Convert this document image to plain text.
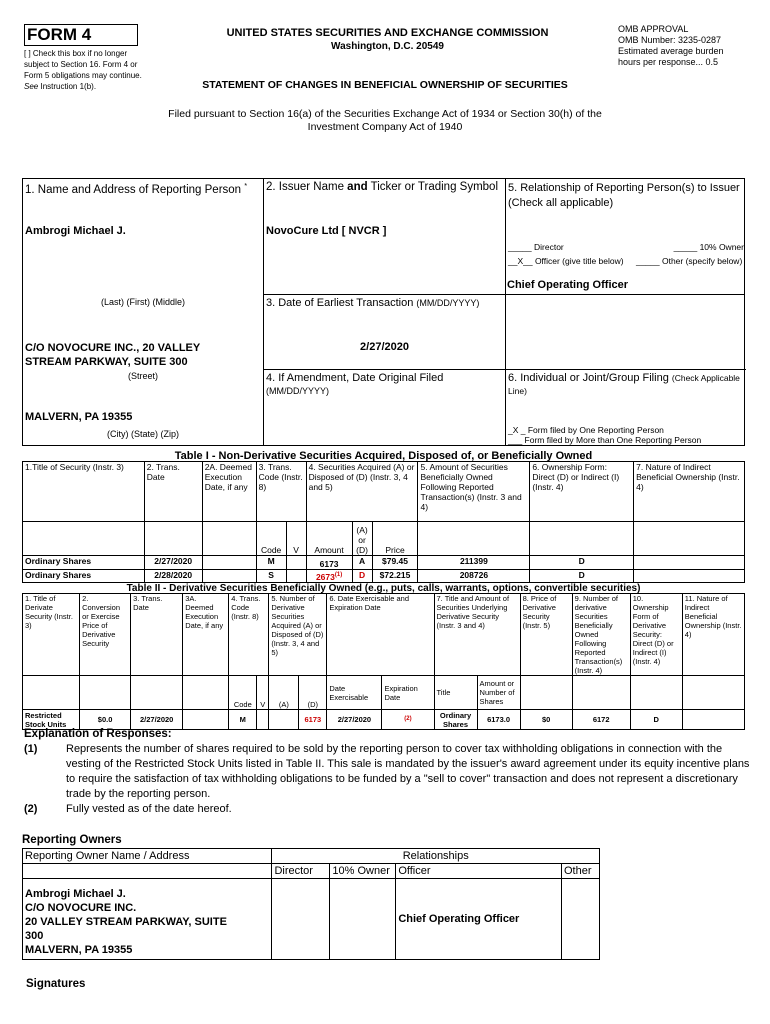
FORM 4
[ ] Check this box if no longer subject to Section 16. Form 4 or Form 5 obligations may continue. See Instruction 1(b).
UNITED STATES SECURITIES AND EXCHANGE COMMISSION
Washington, D.C. 20549
STATEMENT OF CHANGES IN BENEFICIAL OWNERSHIP OF SECURITIES
OMB APPROVAL
OMB Number: 3235-0287
Estimated average burden
hours per response... 0.5
Filed pursuant to Section 16(a) of the Securities Exchange Act of 1934 or Section 30(h) of the
Investment Company Act of 1940
1. Name and Address of Reporting Person *
Ambrogi Michael J.
(Last) (First) (Middle)
C/O NOVOCURE INC., 20 VALLEY
STREAM PARKWAY, SUITE 300
(Street)
MALVERN, PA 19355
(City) (State) (Zip)
2. Issuer Name and Ticker or Trading Symbol
NovoCure Ltd [ NVCR ]
3. Date of Earliest Transaction (MM/DD/YYYY)
2/27/2020
4. If Amendment, Date Original Filed
(MM/DD/YYYY)
5. Relationship of Reporting Person(s) to Issuer
(Check all applicable)
_____ Director	_____ 10% Owner
__X__ Officer (give title below) _____ Other (specify below)
Chief Operating Officer
6. Individual or Joint/Group Filing (Check Applicable Line)
_X _ Form filed by One Reporting Person
___ Form filed by More than One Reporting Person
Table I - Non-Derivative Securities Acquired, Disposed of, or Beneficially Owned
1.Title of Security (Instr. 3)	2. Trans. Date	2A. Deemed Execution Date, if any	3. Trans. Code (Instr. 8)		4. Securities Acquired (A) or Disposed of (D) (Instr. 3, 4 and 5)			5. Amount of Securities Beneficially Owned Following Reported Transaction(s) (Instr. 3 and 4)	6. Ownership Form: Direct (D) or Indirect (I) (Instr. 4)	7. Nature of Indirect Beneficial Ownership (Instr. 4)
			Code	V	Amount	(A) or (D)	Price			
Ordinary Shares	2/27/2020		M		6173	A	$79.45	211399	D	
Ordinary Shares	2/28/2020		S		2673$^{(1)}$	D	$72.215	208726	D	
Table II - Derivative Securities Beneficially Owned (e.g., puts, calls, warrants, options, convertible securities)
1. Title of Derivate Security (Instr. 3)	2. Conversion or Exercise Price of Derivative Security	3. Trans. Date	3A. Deemed Execution Date, if any	4. Trans. Code (Instr. 8)		5. Number of Derivative Securities Acquired (A) or Disposed of (D) (Instr. 3, 4 and 5)		6. Date Exercisable and Expiration Date		7. Title and Amount of Securities Underlying Derivative Security (Instr. 3 and 4)		8. Price of Derivative Security (Instr. 5)	9. Number of derivative Securities Beneficially Owned Following Reported Transaction(s) (Instr. 4)	10. Ownership Form of Derivative Security: Direct (D) or Indirect (I) (Instr. 4)	11. Nature of Indirect Beneficial Ownership (Instr. 4)
				Code	V	(A)	(D)	Date Exercisable	Expiration Date	Title	Amount or Number of Shares				
Restricted Stock Units	$0.0	2/27/2020		M			6173	2/27/2020	(2)	Ordinary Shares	6173.0	$0	6172	D	
Explanation of Responses:
(1)	Represents the number of shares required to be sold by the reporting person to cover tax withholding obligations in connection with the vesting of the Restricted Stock Units listed in Table II. This sale is mandated by the issuer's award agreement under its equity incentive plans to require the satisfaction of tax withholding obligations to be funded by a "sell to cover" transaction and does not represent a discretionary trade by the reporting person.
(2)	Fully vested as of the date hereof.
Reporting Owners
Reporting Owner Name / Address	Relationships			
	Director	10% Owner	Officer	Other

Ambrogi Michael J.
C/O NOVOCURE INC.
20 VALLEY STREAM PARKWAY, SUITE
300
MALVERN, PA 19355			Chief Operating Officer	
Signatures
